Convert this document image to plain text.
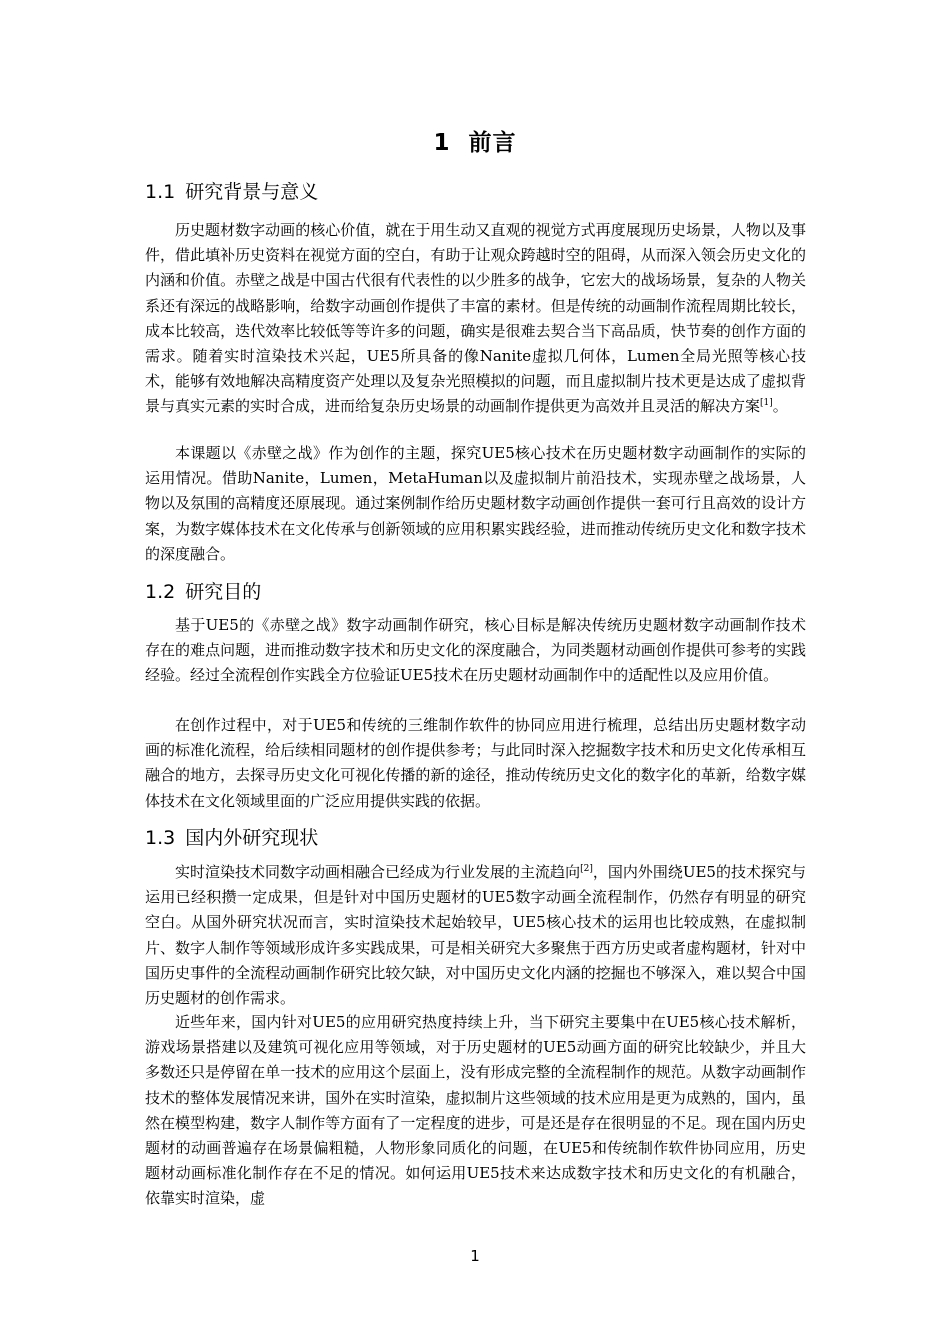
1 前言
1.1 研究背景与意义

历史题材数字动画的核心价值，就在于用生动又直观的视觉方式再度展现历史场景，人物以及事件，借此填补历史资料在视觉方面的空白，有助于让观众跨越时空的阻碍，从而深入领会历史文化的内涵和价值。赤壁之战是中国古代很有代表性的以少胜多的战争，它宏大的战场场景，复杂的人物关系还有深远的战略影响，给数字动画创作提供了丰富的素材。但是传统的动画制作流程周期比较长，成本比较高，迭代效率比较低等等许多的问题，确实是很难去契合当下高品质，快节奏的创作方面的需求。随着实时渲染技术兴起，UE5所具备的像Nanite虚拟几何体，Lumen全局光照等核心技术，能够有效地解决高精度资产处理以及复杂光照模拟的问题，而且虚拟制片技术更是达成了虚拟背景与真实元素的实时合成，进而给复杂历史场景的动画制作提供更为高效并且灵活的解决方案[1]。

本课题以《赤壁之战》作为创作的主题，探究UE5核心技术在历史题材数字动画制作的实际的运用情况。借助Nanite，Lumen，MetaHuman以及虚拟制片前沿技术，实现赤壁之战场景，人物以及氛围的高精度还原展现。通过案例制作给历史题材数字动画创作提供一套可行且高效的设计方案，为数字媒体技术在文化传承与创新领域的应用积累实践经验，进而推动传统历史文化和数字技术的深度融合。

1.2 研究目的

基于UE5的《赤壁之战》数字动画制作研究，核心目标是解决传统历史题材数字动画制作技术存在的难点问题，进而推动数字技术和历史文化的深度融合，为同类题材动画创作提供可参考的实践经验。经过全流程创作实践全方位验证UE5技术在历史题材动画制作中的适配性以及应用价值。

在创作过程中，对于UE5和传统的三维制作软件的协同应用进行梳理，总结出历史题材数字动画的标准化流程，给后续相同题材的创作提供参考；与此同时深入挖掘数字技术和历史文化传承相互融合的地方，去探寻历史文化可视化传播的新的途径，推动传统历史文化的数字化的革新，给数字媒体技术在文化领域里面的广泛应用提供实践的依据。

1.3 国内外研究现状

实时渲染技术同数字动画相融合已经成为行业发展的主流趋向[2]，国内外围绕UE5的技术探究与运用已经积攒一定成果，但是针对中国历史题材的UE5数字动画全流程制作，仍然存有明显的研究空白。从国外研究状况而言，实时渲染技术起始较早，UE5核心技术的运用也比较成熟，在虚拟制片、数字人制作等领域形成许多实践成果，可是相关研究大多聚焦于西方历史或者虚构题材，针对中国历史事件的全流程动画制作研究比较欠缺，对中国历史文化内涵的挖掘也不够深入，难以契合中国历史题材的创作需求。

近些年来，国内针对UE5的应用研究热度持续上升，当下研究主要集中在UE5核心技术解析，游戏场景搭建以及建筑可视化应用等领域，对于历史题材的UE5动画方面的研究比较缺少，并且大多数还只是停留在单一技术的应用这个层面上，没有形成完整的全流程制作的规范。从数字动画制作技术的整体发展情况来讲，国外在实时渲染，虚拟制片这些领域的技术应用是更为成熟的，国内，虽然在模型构建，数字人制作等方面有了一定程度的进步，可是还是存在很明显的不足。现在国内历史题材的动画普遍存在场景偏粗糙，人物形象同质化的问题，在UE5和传统制作软件协同应用，历史题材动画标准化制作存在不足的情况。如何运用UE5技术来达成数字技术和历史文化的有机融合，依靠实时渲染，虚

1
